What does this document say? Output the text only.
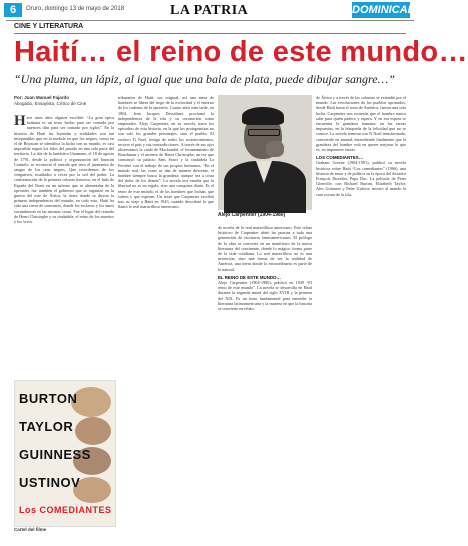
6	Oruro, domingo 13 de mayo de 2018	LA PATRIA	DOMINICAL
CINE Y LITERATURA
Haití… el reino de este mundo…
“Una pluma, un lápiz, al igual que una bala de plata, puede dibujar sangre…”
Por: Juan Manuel Fajardo
Abogado, Ensayista, Crítico de Cine
Hace unos años alguien escribió: “La gran epica haitiana es un texto hecho para ser contado por nuestros días para ser contado por siglos”. En la historia de Haití las leyendas y realidades son tan inseparables que en la medida en que los negros, como en el de Boyacan se identifica la lucha con su mundo, es casi imposible seguir los hilos del pasado en una sola parte del territorio. La isla de la fantástica Unamuno, el 18 de agosto de 1791, desde la política y organización del huracán Carmelo, se reconoció el sentido que tuvo el juramento de sangre de los cien negros. Que recordemos de los vengativos, mutilados a veces por la sed del poder. La conformación de la primera colonia francesa, en el lado de España del Norte en un inferno que se alimentaba de la opresión; fue también el gobierno que se organizó en la guerra del este de África, la tierra donde se dieron la primera independencia del mundo; en todo esto, Haití ha sido una tierra de contrastes, donde los esclavos y los amos sucumbieron en las mismas cosas. Fue el lugar del reinado de Henri Christophe y su ciudadela, el reino de los muertos y los vivos.
BURTON
TAYLOR
GUINNESS
USTINOV
Los COMEDIANTES
Cartel del filme
tributarios de Haití; sus original, así una mesa de hombres se libera del riego de la esclavitud y el entorno de los cadenas de la opresión. Cuatro años más tarde, en 1804, Jean Jacques Dessalines proclamó la independencia de la isla y su coronación como emperador. Alejo Carpentier, en su novela, narra los episodios de esta historia, en la que los protagonistas no son solo los grandes personajes, sino el pueblo. El esclavo Ti Noel, testigo de todos los acontecimientos, recorre el país y sus contradicciones. A través de sus ojos observamos la caída de Mackandal, el levantamiento de Bouckman y el ascenso de Henri Christophe, un rey que construyó su palacio Sans Souci y la ciudadela La Ferrière con el trabajo de sus propios hermanos. “En el mundo real, las cosas se dan de manera diferente, el hombre siempre busca la grandeza, aunque sea a costa del dolor de los demás”. La novela nos enseña que la libertad no es un regalo, sino una conquista diaria. Es el reino de este mundo, el de los hombres que luchan, que sufren y que esperan. Un texto que Carpentier escribió tras su viaje a Haití en 1943, cuando descubrió lo que llamó lo real maravilloso americano.
Alejo Carpentier (1904-1980)
de novela de lo real maravilloso americano. Este relato histórico de Carpentier abrió las puertas a toda una generación de escritores latinoamericanos. El prólogo de la obra se convirtió en un manifiesto de la nueva literatura del continente, donde lo mágico forma parte de la vida cotidiana. Lo real maravilloso no es una invención, sino una forma de ver la realidad de América, una tierra donde lo extraordinario es parte de lo natural.
EL REINO DE ESTE MUNDO…
Alejo Carpentier (1904-1980), publicó en 1949 “El reino de este mundo”. La novela se desarrolla en Haití durante la segunda mitad del siglo XVIII y la primera del XIX. Es un texto fundamental para entender la literatura latinoamericana y la manera en que la historia se convierte en relato.
de África y a través de las colonias se extendió por el mundo. Las revoluciones de los pueblos oprimidos, desde Haití hasta el resto de América, fueron una sola lucha. Carpentier nos recuerda que el hombre nunca sabe para quién padece y espera. Y en esa espera se encuentra la grandeza humana: en las tareas impuestas, en la búsqueda de la felicidad que no se conoce. La novela termina con Ti Noel transformado, convertido en animal, entendiendo finalmente que la grandeza del hombre está en querer mejorar lo que es, en imponerse tareas.
LOS COMEDIANTES…
Graham Greene (1904-1991), publicó su novela histórica sobre Haití “Los comediantes” (1966), una historia de amor y de política en la época del dictador François Duvalier, Papa Doc. La película de Peter Glenville, con Richard Burton, Elizabeth Taylor, Alec Guinness y Peter Ustinov, mostró al mundo la cara oscura de la isla.
